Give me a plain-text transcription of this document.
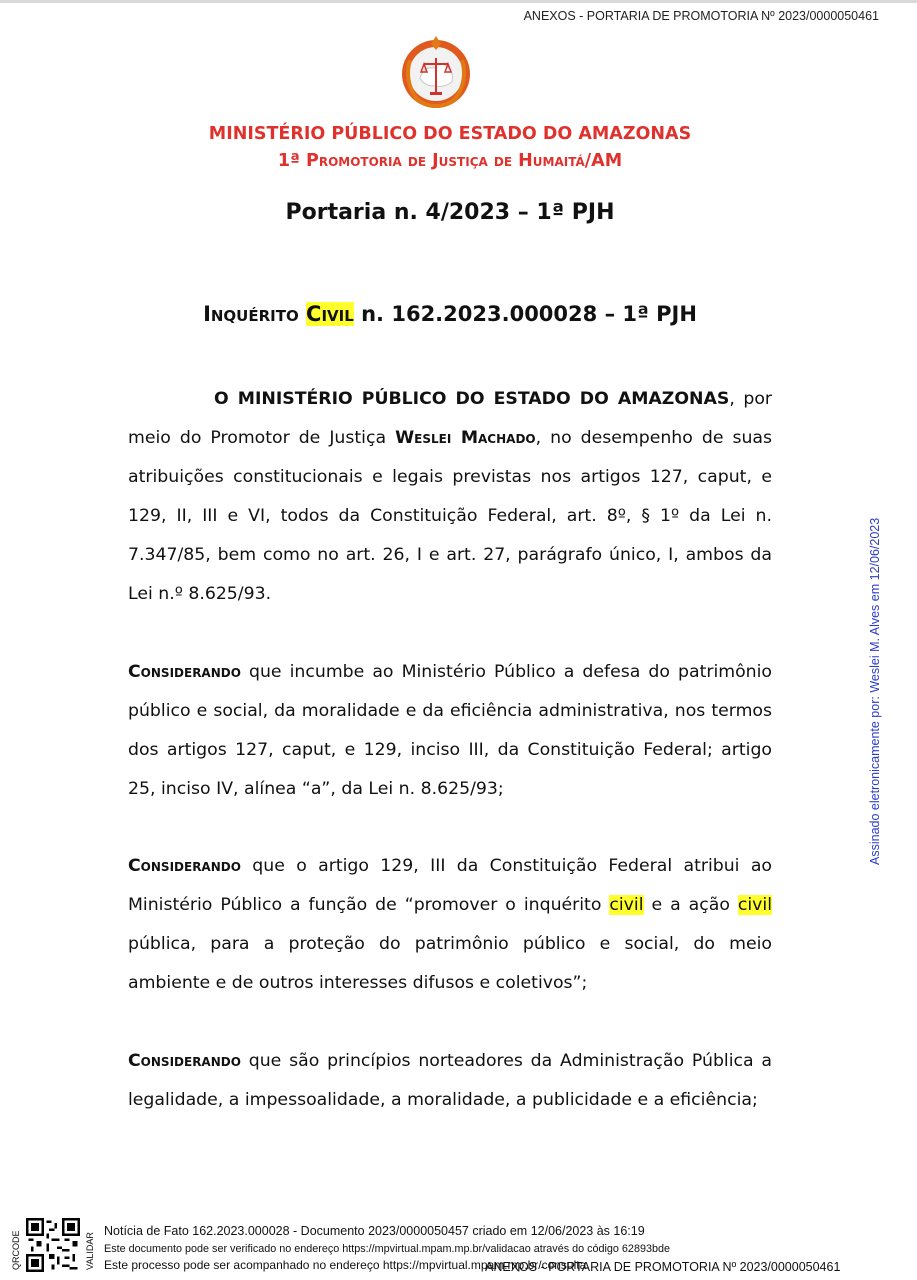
ANEXOS - PORTARIA DE PROMOTORIA Nº 2023/0000050461
MINISTÉRIO PÚBLICO DO ESTADO DO AMAZONAS
1ª Promotoria de Justiça de Humaitá/AM
Portaria n. 4/2023 – 1ª PJH
Inquérito Civil n. 162.2023.000028 – 1ª PJH
O MINISTÉRIO PÚBLICO DO ESTADO DO AMAZONAS, por meio do Promotor de Justiça Weslei Machado, no desempenho de suas atribuições constitucionais e legais previstas nos artigos 127, caput, e 129, II, III e VI, todos da Constituição Federal, art. 8º, § 1º da Lei n. 7.347/85, bem como no art. 26, I e art. 27, parágrafo único, I, ambos da Lei n.º 8.625/93.
Considerando que incumbe ao Ministério Público a defesa do patrimônio público e social, da moralidade e da eficiência administrativa, nos termos dos artigos 127, caput, e 129, inciso III, da Constituição Federal; artigo 25, inciso IV, alínea “a”, da Lei n. 8.625/93;
Considerando que o artigo 129, III da Constituição Federal atribui ao Ministério Público a função de “promover o inquérito civil e a ação civil pública, para a proteção do patrimônio público e social, do meio ambiente e de outros interesses difusos e coletivos”;
Considerando que são princípios norteadores da Administração Pública a legalidade, a impessoalidade, a moralidade, a publicidade e a eficiência;
Assinado eletronicamente por: Weslei M. Alves em 12/06/2023
QRCODE	VALIDAR
Notícia de Fato 162.2023.000028 - Documento 2023/0000050457 criado em 12/06/2023 às 16:19
Este documento pode ser verificado no endereço https://mpvirtual.mpam.mp.br/validacao através do código 62893bde
Este processo pode ser acompanhado no endereço https://mpvirtual.mpam.mp.br/consulta
ANEXOS - PORTARIA DE PROMOTORIA Nº 2023/0000050461
